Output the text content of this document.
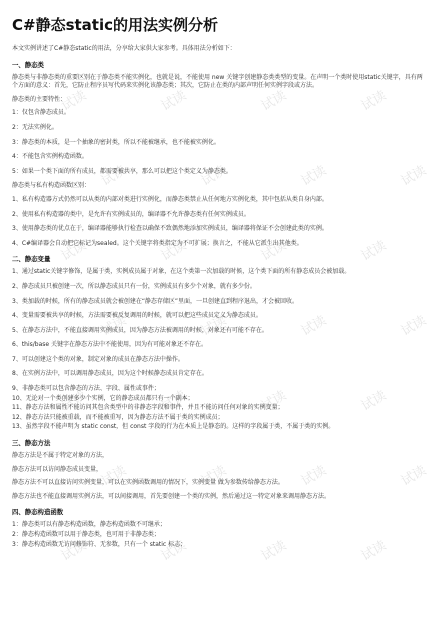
试读	试读	试读	试读
试读	试读	试读	试读
试读	试读	试读	试读
试读	试读	试读	试读
试读	试读	试读	试读
试读	试读	试读	试读
试读	试读	试读	试读
C#静态static的用法实例分析
本文实例讲述了C#静态static的用法，分享给大家供大家参考。具体用法分析如下：
一、静态类
静态类与非静态类的重要区别在于静态类不能实例化，也就是说，不能使用 new 关键字创建静态类类型的变量。在声明一个类时使用static关键字，具有两个方面的意义：首先，它防止程序员写代码来实例化该静态类；其次，它防止在类的内部声明任何实例字段或方法。
静态类的主要特性：
1：仅包含静态成员。
2：无法实例化。
3：静态类的本质，是一个抽象的密封类，所以不能被继承，也不能被实例化。
4：不能包含实例构造函数。
5：如果一个类下面的所有成员，都需要被共享，那么可以把这个类定义为静态类。
静态类与私有构造函数区别：
1、私有构造器方式仍然可以从类的内部对类进行实例化，而静态类禁止从任何地方实例化类，其中包括从类自身内部。
2、使用私有构造器的类中，是允许有实例成员的，编译器不允许静态类有任何实例成员。
3、使用静态类的优点在于，编译器能够执行检查以确保不致偶然地添加实例成员，编译器将保证不会创建此类的实例。
4、C#编译器会自动把它标记为sealed。这个关键字将类指定为不可扩展；换言之，不能从它派生出其他类。
二、静态变量
1、通过static关键字修饰，是属于类，实例成员属于对象，在这个类第一次加载的时候，这个类下面的所有静态成员会被加载。
2、静态成员只被创建一次，所以静态成员只有一份，实例成员有多少个对象，就有多少份。
3、类加载的时候，所有的静态成员就会被创建在“静态存储区”里面，一旦创建直到程序退出，才会被回收。
4、变量需要被共享的时候，方法需要被反复调用的时候，就可以把这些成员定义为静态成员。
5、在静态方法中，不能直接调用实例成员，因为静态方法被调用的时候，对象还有可能不存在。
6、this/base 关键字在静态方法中不能使用，因为有可能对象还不存在。
7、可以创建这个类的对象，制定对象的成员在静态方法中操作。
8、在实例方法中，可以调用静态成员，因为这个时候静态成员肯定存在。
9、非静态类可以包含静态的方法、字段、属性或事件；
10、无论对一个类创建多少个实例，它的静态成员都只有一个副本；
11、静态方法和属性不能访问其包含类型中的非静态字段和事件，并且不能访问任何对象的实例变量；
12、静态方法只能被重载，而不能被重写，因为静态方法不属于类的实例成员；
13、虽然字段不能声明为 static const，但 const 字段的行为在本质上是静态的。这样的字段属于类，不属于类的实例。
三、静态方法
静态方法是不属于特定对象的方法，
静态方法可以访问静态成员变量，
静态方法不可以直接访问实例变量，可以在实例函数调用的情况下，实例变量 做为参数传给静态方法。
静态方法也不能直接调用实例方法，可以间接调用，首先要创建一个类的实例，然后通过这一特定对象来调用静态方法。
四、静态构造函数
1：静态类可以有静态构造函数，静态构造函数不可继承；
2：静态构造函数可以用于静态类，也可用于非静态类；
3：静态构造函数无访问修饰符、无参数，只有一个 static 标志；
